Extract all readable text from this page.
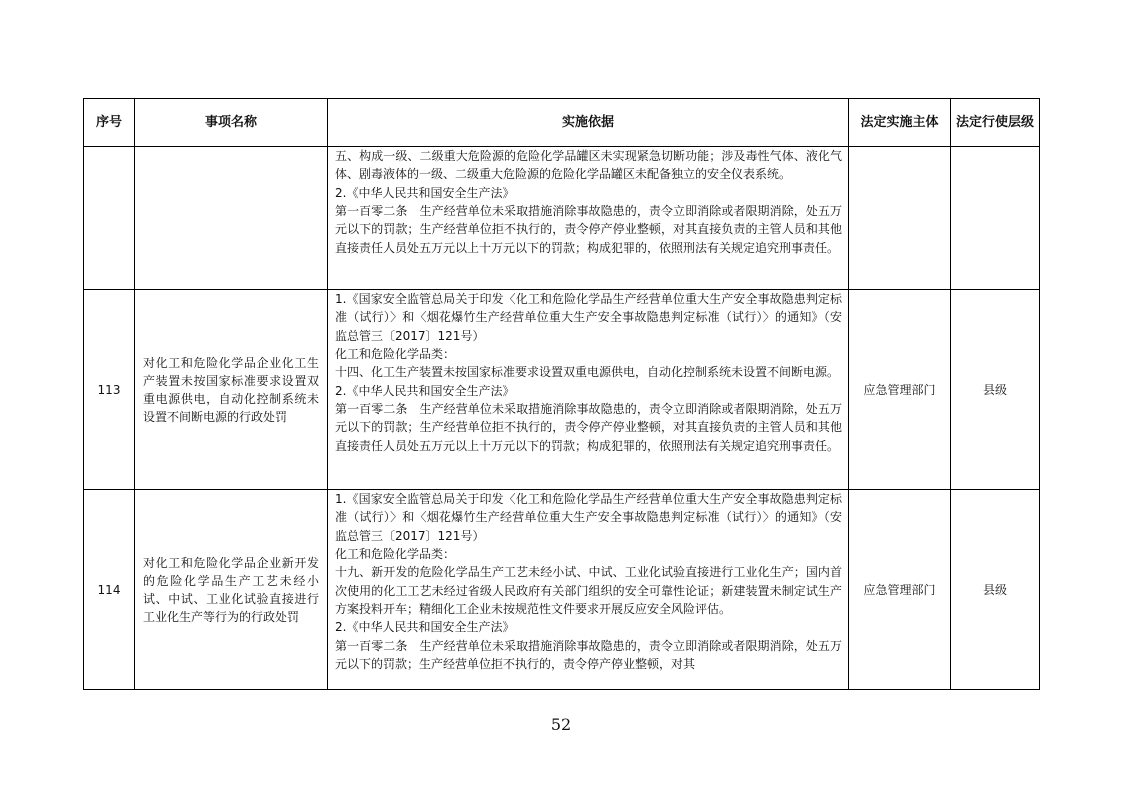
序号	事项名称	实施依据	法定实施主体	法定行使层级

		五、构成一级、二级重大危险源的危险化学品罐区未实现紧急切断功能；涉及毒性气体、液化气体、剧毒液体的一级、二级重大危险源的危险化学品罐区未配备独立的安全仪表系统。

2.《中华人民共和国安全生产法》

第一百零二条　生产经营单位未采取措施消除事故隐患的，责令立即消除或者限期消除，处五万元以下的罚款；生产经营单位拒不执行的，责令停产停业整顿，对其直接负责的主管人员和其他直接责任人员处五万元以上十万元以下的罚款；构成犯罪的，依照刑法有关规定追究刑事责任。		

113	对化工和危险化学品企业化工生产装置未按国家标准要求设置双重电源供电，自动化控制系统未设置不间断电源的行政处罚	1.《国家安全监管总局关于印发〈化工和危险化学品生产经营单位重大生产安全事故隐患判定标准（试行）〉和〈烟花爆竹生产经营单位重大生产安全事故隐患判定标准（试行）〉的通知》（安监总管三〔2017〕121号）

化工和危险化学品类：

十四、化工生产装置未按国家标准要求设置双重电源供电，自动化控制系统未设置不间断电源。

2.《中华人民共和国安全生产法》

第一百零二条　生产经营单位未采取措施消除事故隐患的，责令立即消除或者限期消除，处五万元以下的罚款；生产经营单位拒不执行的，责令停产停业整顿，对其直接负责的主管人员和其他直接责任人员处五万元以上十万元以下的罚款；构成犯罪的，依照刑法有关规定追究刑事责任。	应急管理部门	县级
114	对化工和危险化学品企业新开发的危险化学品生产工艺未经小试、中试、工业化试验直接进行工业化生产等行为的行政处罚	1.《国家安全监管总局关于印发〈化工和危险化学品生产经营单位重大生产安全事故隐患判定标准（试行）〉和〈烟花爆竹生产经营单位重大生产安全事故隐患判定标准（试行）〉的通知》（安监总管三〔2017〕121号）

化工和危险化学品类：

十九、新开发的危险化学品生产工艺未经小试、中试、工业化试验直接进行工业化生产；国内首次使用的化工工艺未经过省级人民政府有关部门组织的安全可靠性论证；新建装置未制定试生产方案投料开车；精细化工企业未按规范性文件要求开展反应安全风险评估。

2.《中华人民共和国安全生产法》

第一百零二条　生产经营单位未采取措施消除事故隐患的，责令立即消除或者限期消除，处五万元以下的罚款；生产经营单位拒不执行的，责令停产停业整顿，对其	应急管理部门	县级
52
